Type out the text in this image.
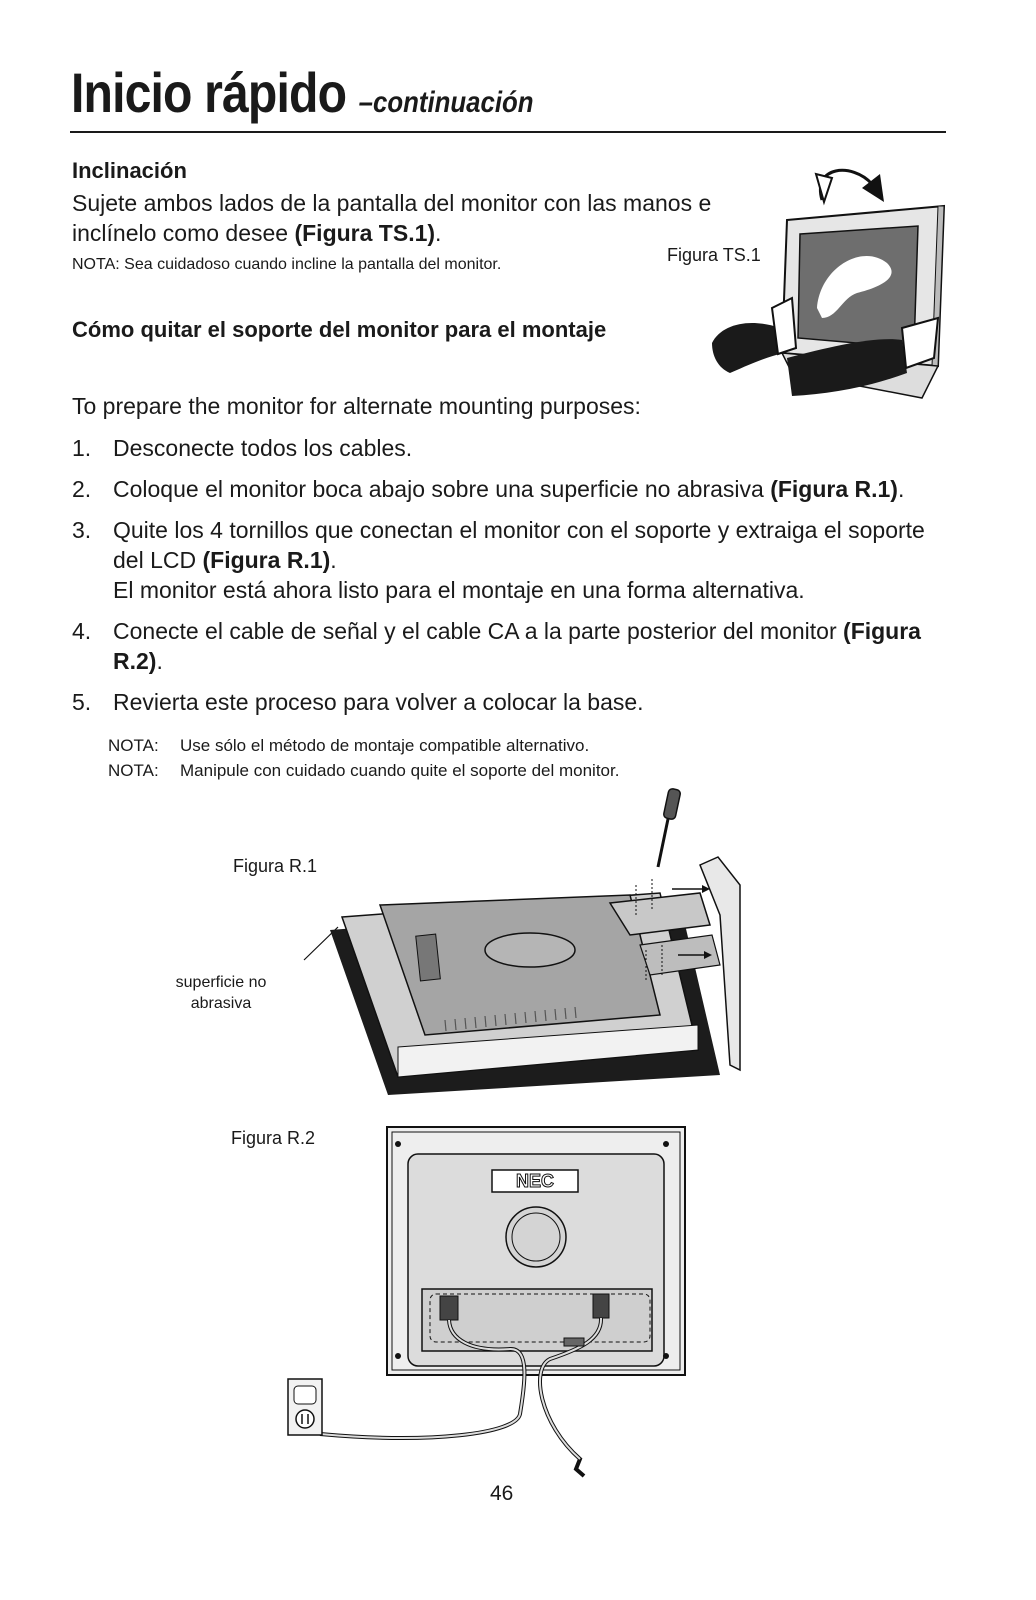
Inicio rápido –continuación
Inclinación

Sujete ambos lados de la pantalla del monitor con las manos e inclínelo como desee (Figura TS.1).

NOTA: Sea cuidadoso cuando incline la pantalla del monitor.	Figura TS.1
Cómo quitar el soporte del monitor para el montaje

To prepare the monitor for alternate mounting purposes:

1. Desconecte todos los cables.
2. Coloque el monitor boca abajo sobre una superficie no abrasiva (Figura R.1).
3. Quite los 4 tornillos que conectan el monitor con el soporte y extraiga el soporte del LCD (Figura R.1).
El monitor está ahora listo para el montaje en una forma alternativa.
4. Conecte el cable de señal y el cable CA a la parte posterior del monitor (Figura R.2).
5. Revierta este proceso para volver a colocar la base.
NOTA:	Use sólo el método de montaje compatible alternativo.
NOTA:	Manipule con cuidado cuando quite el soporte del monitor.
Figura R.1
superficie no
abrasiva
Figura R.2
NEC
46
